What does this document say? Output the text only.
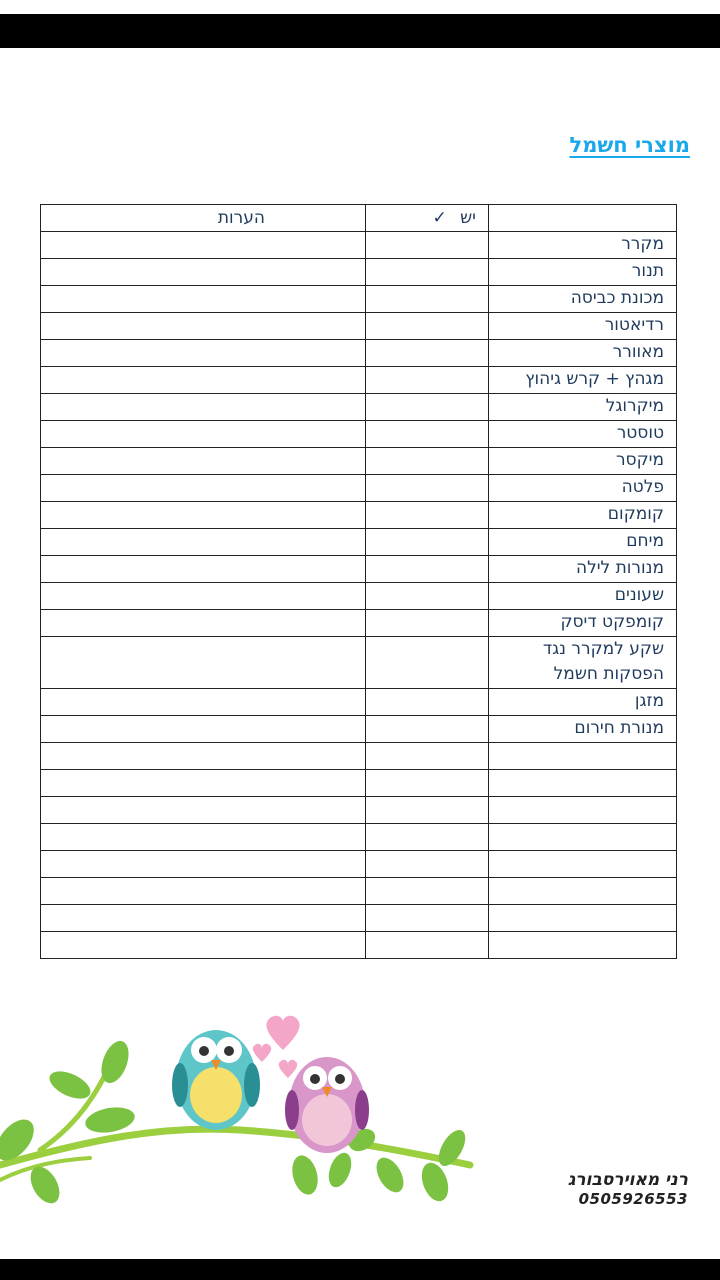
מוצרי חשמל
	יש ✓	הערות
מקרר		
תנור		
מכונת כביסה		
רדיאטור		
מאוורר		
מגהץ + קרש גיהוץ		
מיקרוגל		
טוסטר		
מיקסר		
פלטה		
קומקום		
מיחם		
מנורות לילה		
שעונים		
קומפקט דיסק		
שקע למקרר נגד הפסקות חשמל		
מזגן		
מנורת חירום		

רני מאוירסבורג
0505926553
